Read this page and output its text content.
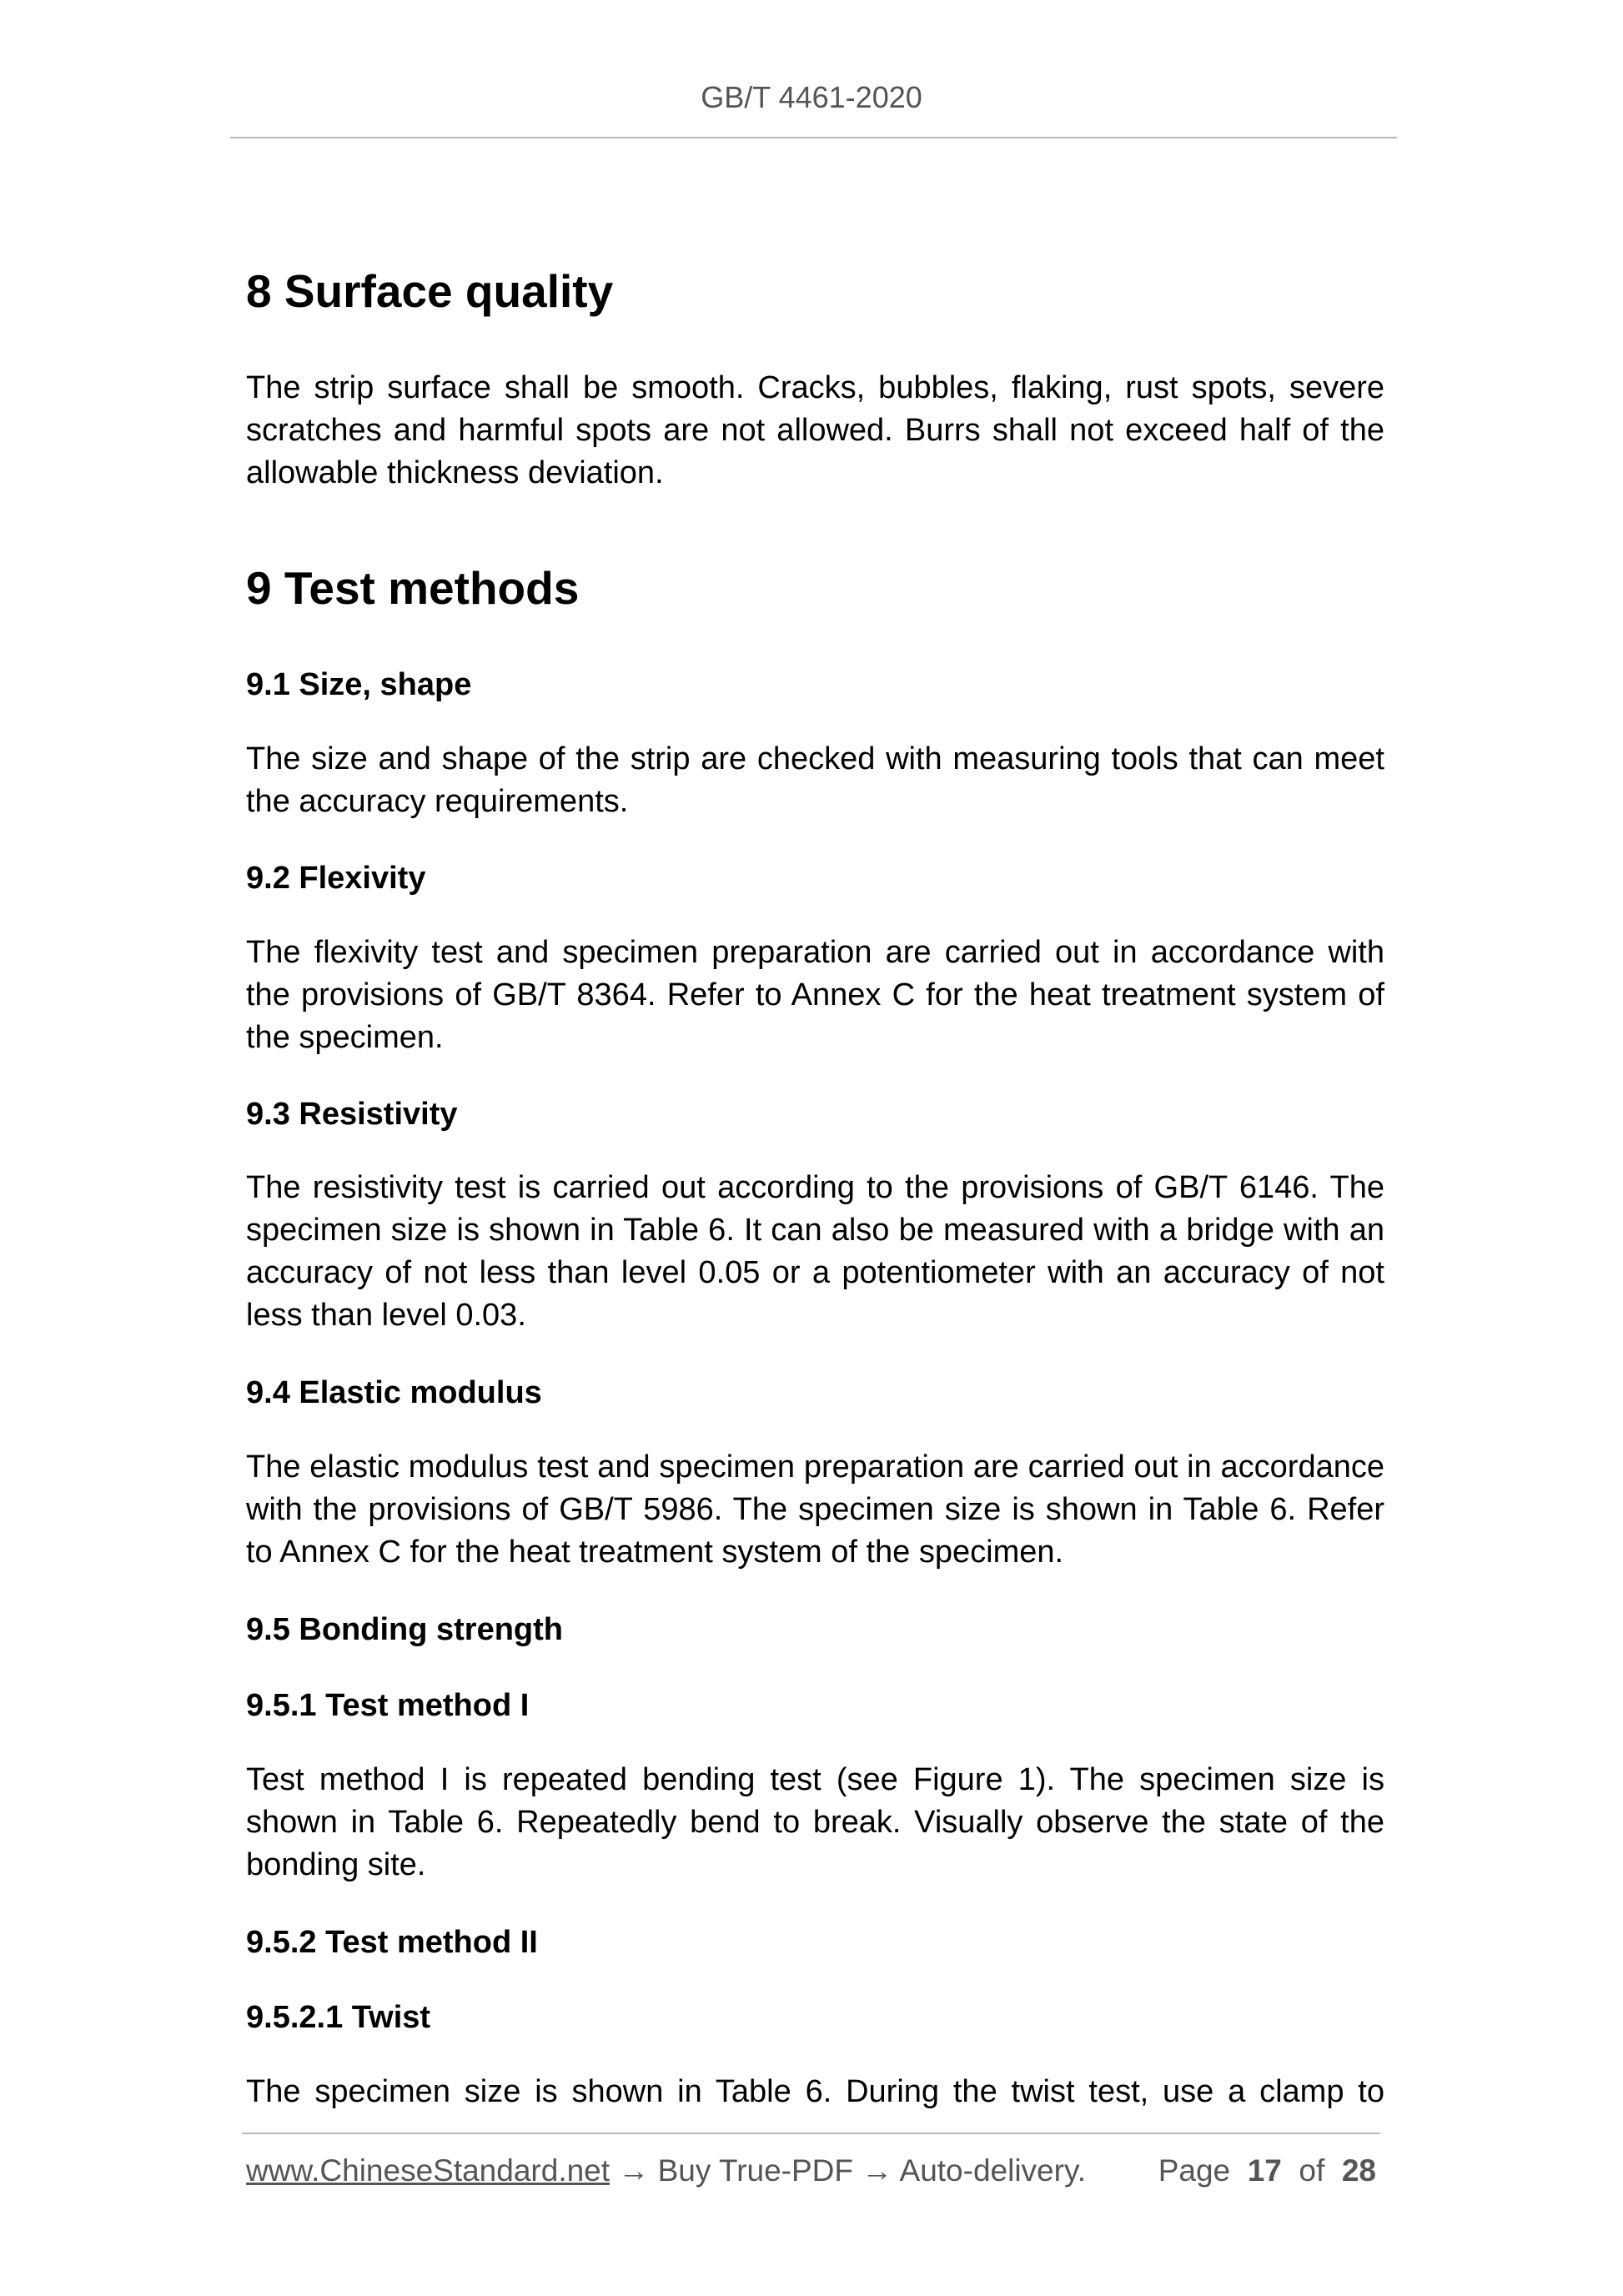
GB/T 4461-2020
8 Surface quality

The strip surface shall be smooth. Cracks, bubbles, flaking, rust spots, severe scratches and harmful spots are not allowed. Burrs shall not exceed half of the allowable thickness deviation.

9 Test methods
9.1 Size, shape

The size and shape of the strip are checked with measuring tools that can meet the accuracy requirements.

9.2 Flexivity

The flexivity test and specimen preparation are carried out in accordance with the provisions of GB/T 8364. Refer to Annex C for the heat treatment system of the specimen.

9.3 Resistivity

The resistivity test is carried out according to the provisions of GB/T 6146. The specimen size is shown in Table 6. It can also be measured with a bridge with an accuracy of not less than level 0.05 or a potentiometer with an accuracy of not less than level 0.03.

9.4 Elastic modulus

The elastic modulus test and specimen preparation are carried out in accordance with the provisions of GB/T 5986. The specimen size is shown in Table 6. Refer to Annex C for the heat treatment system of the specimen.

9.5 Bonding strength
9.5.1 Test method I

Test method I is repeated bending test (see Figure 1). The specimen size is shown in Table 6. Repeatedly bend to break. Visually observe the state of the bonding site.

9.5.2 Test method II
9.5.2.1 Twist

The specimen size is shown in Table 6. During the twist test, use a clamp to

www.ChineseStandard.net → Buy True-PDF → Auto-delivery. Page 17 of 28
